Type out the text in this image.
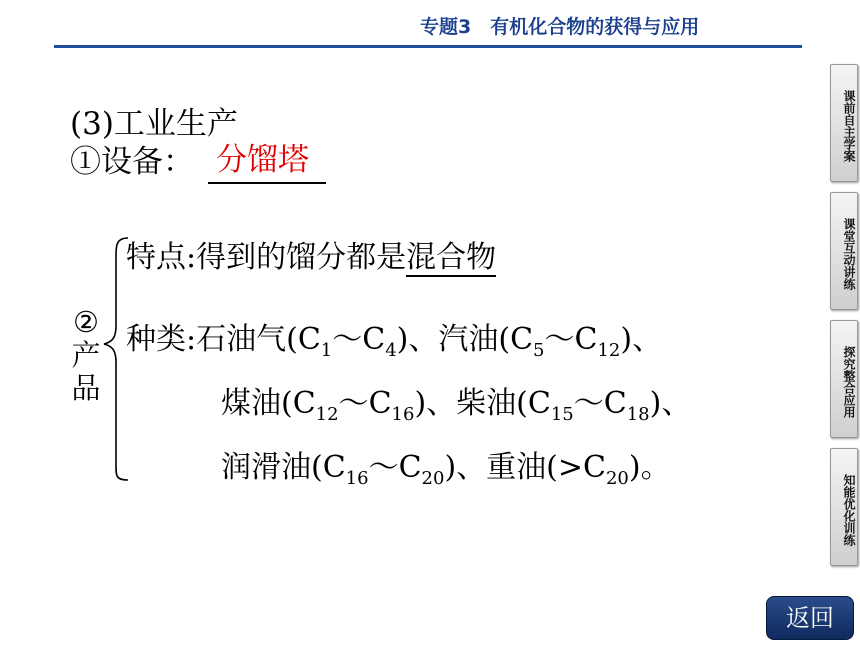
专题3　有机化合物的获得与应用
(3)工业生产
①设备： 分馏塔
②
产
品
特点:得到的馏分都是混合物
种类:石油气$(C_1\sim C_4)$、汽油$(C_5\sim C_{12})$、
煤油$(C_{12}\sim C_{16})$、柴油$(C_{15}\sim C_{18})$、
润滑油$(C_{16}\sim C_{20})$、重油$(>C_{20})$。
课前自主学案
课堂互动讲练
探究整合应用
知能优化训练
返回
